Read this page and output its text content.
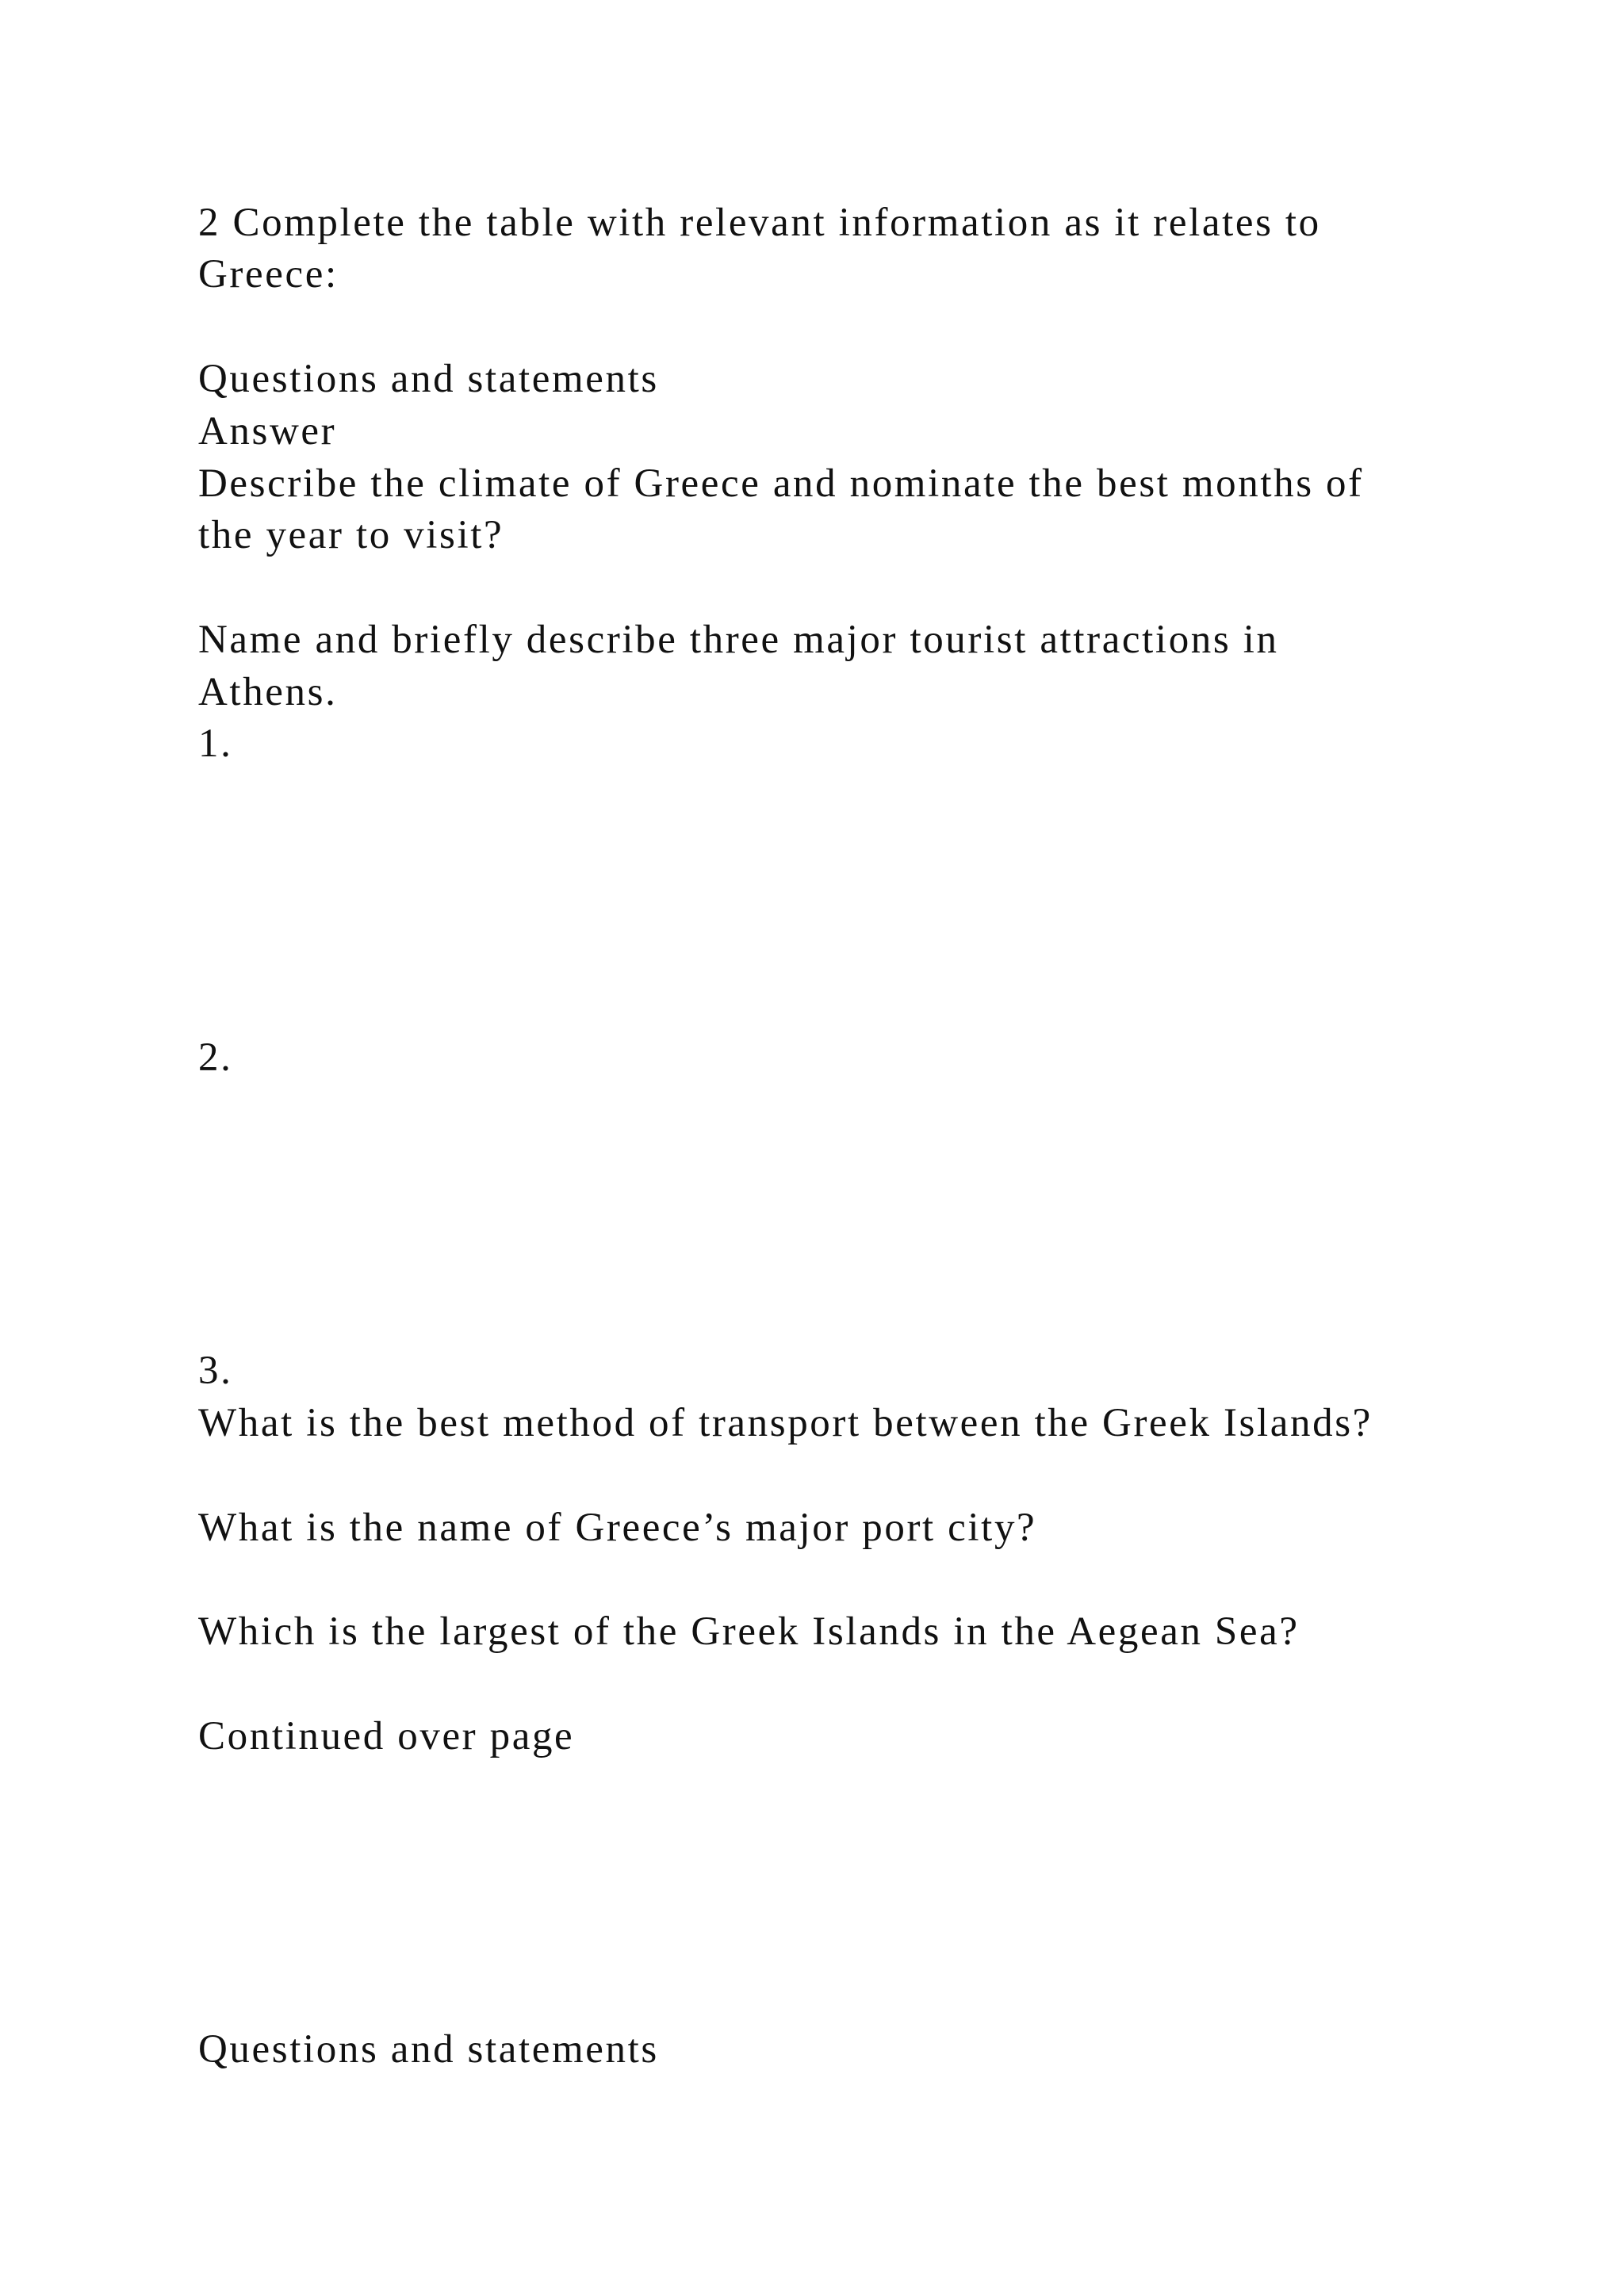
2 Complete the table with relevant information as it relates to
Greece:
Questions and statements
Answer
Describe the climate of Greece and nominate the best months of
the year to visit?
Name and briefly describe three major tourist attractions in
Athens.
1.
2.
3.
What is the best method of transport between the Greek Islands?
What is the name of Greece’s major port city?
Which is the largest of the Greek Islands in the Aegean Sea?
Continued over page
Questions and statements
